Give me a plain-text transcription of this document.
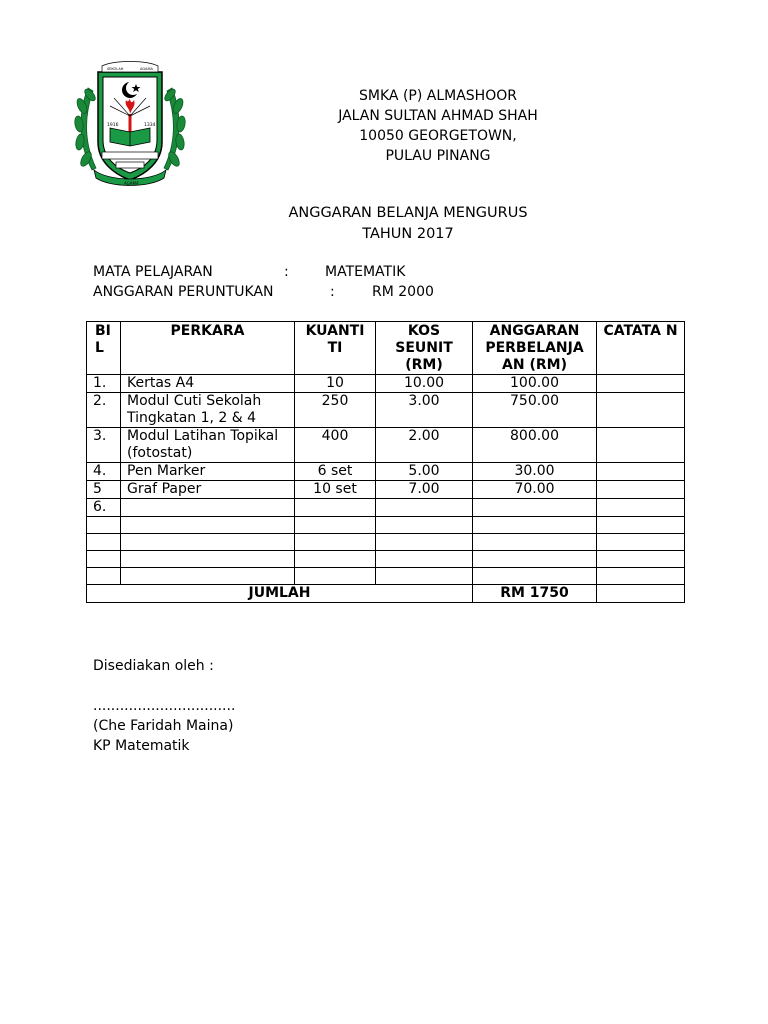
1916	1334
AGAMA
SEKOLAH	AGAMA
SMKA (P) ALMASHOOR
JALAN SULTAN AHMAD SHAH
10050 GEORGETOWN,
PULAU PINANG
ANGGARAN BELANJA MENGURUS
TAHUN 2017
MATA PELAJARAN	:	MATEMATIK
ANGGARAN PERUNTUKAN	:	RM 2000
BI L	PERKARA	KUANTI TI	KOS SEUNIT (RM)	ANGGARAN PERBELANJA AN (RM)	CATATA N
1.	Kertas A4	10	10.00	100.00	
2.	Modul Cuti Sekolah Tingkatan 1, 2 & 4	250	3.00	750.00	
3.	Modul Latihan Topikal (fotostat)	400	2.00	800.00	
4.	Pen Marker	6 set	5.00	30.00	
5	Graf Paper	10 set	7.00	70.00	
6.					

JUMLAH				RM 1750	
Disediakan oleh :
................................
(Che Faridah Maina)
KP Matematik
